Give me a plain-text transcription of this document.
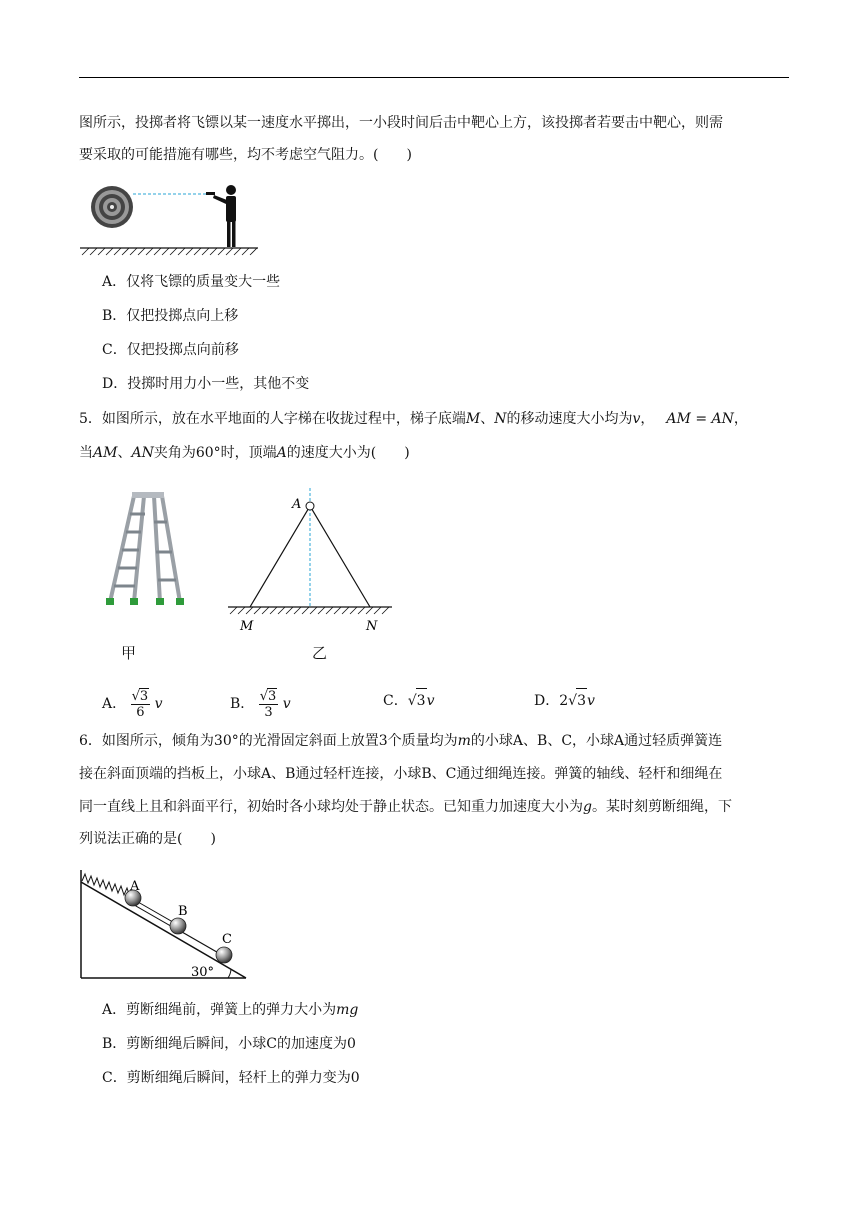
图所示，投掷者将飞镖以某一速度水平掷出，一小段时间后击中靶心上方，该投掷者若要击中靶心，则需
要采取的可能措施有哪些，均不考虑空气阻力。(　　)
A．仅将飞镖的质量变大一些
B．仅把投掷点向上移
C．仅把投掷点向前移
D．投掷时用力小一些，其他不变
5．如图所示，放在水平地面的人字梯在收拢过程中，梯子底端M、N的移动速度大小均为v， AM = AN，
当AM、AN夹角为60°时，顶端A的速度大小为(　　)
甲
A
M	N
乙
A． $\frac{√3}{6}$ v	B． $\frac{√3}{3}$ v	C．√3v	D．2√3v
6．如图所示，倾角为30°的光滑固定斜面上放置3个质量均为m的小球A、B、C，小球A通过轻质弹簧连
接在斜面顶端的挡板上，小球A、B通过轻杆连接，小球B、C通过细绳连接。弹簧的轴线、轻杆和细绳在
同一直线上且和斜面平行，初始时各小球均处于静止状态。已知重力加速度大小为g。某时刻剪断细绳，下
列说法正确的是(　　)
A
B
C
30°
A．剪断细绳前，弹簧上的弹力大小为mg
B．剪断细绳后瞬间，小球C的加速度为0
C．剪断细绳后瞬间，轻杆上的弹力变为0
